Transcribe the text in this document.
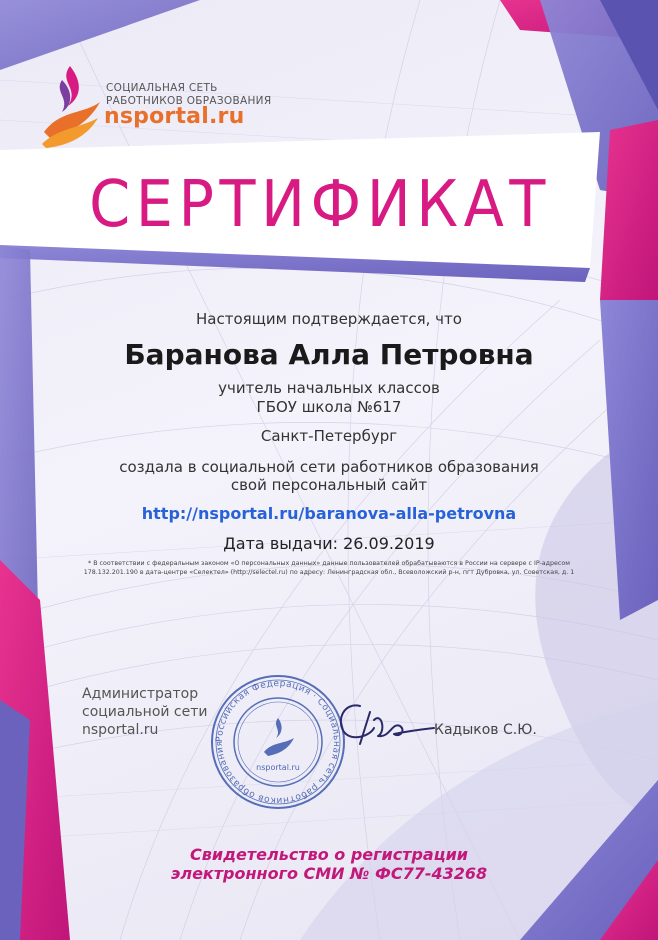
СОЦИАЛЬНАЯ СЕТЬ
РАБОТНИКОВ ОБРАЗОВАНИЯ
nsportal.ru
СЕРТИФИКАТ
Настоящим подтверждается, что
Баранова Алла Петровна
учитель начальных классов
ГБОУ школа №617
Санкт-Петербург
создала в социальной сети работников образования
свой персональный сайт
http://nsportal.ru/baranova-alla-petrovna
Дата выдачи: 26.09.2019
* В соответствии с федеральным законом «О персональных данных» данные пользователей обрабатываются в России на сервере с IP-адресом
178.132.201.190 в дата-центре «Селектел» (http://selectel.ru) по адресу: Ленинградская обл., Всеволожский р-н, пгт Дубровка, ул. Советская, д. 1
Администратор
социальной сети
nsportal.ru
Российская Федерация · Социальная сеть работников образования
nsportal.ru
Кадыков С.Ю.
Свидетельство о регистрации
электронного СМИ № ФС77-43268
